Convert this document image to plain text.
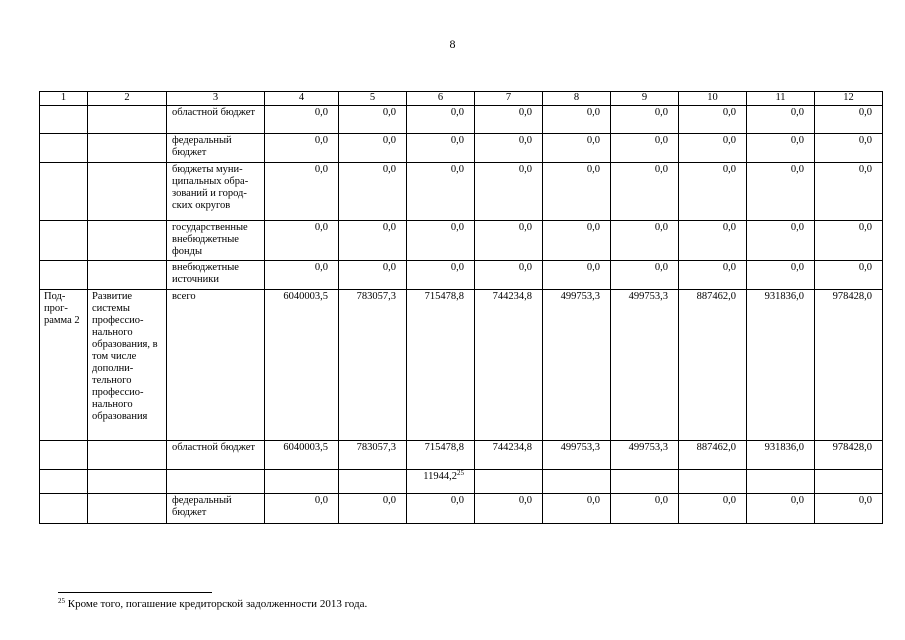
8
1	2	3	4	5	6	7	8	9	10	11	12
		областной бюджет	0,0	0,0	0,0	0,0	0,0	0,0	0,0	0,0	0,0
		федеральный бюджет	0,0	0,0	0,0	0,0	0,0	0,0	0,0	0,0	0,0
		бюджеты муни-ципальных обра-зований и город-ских округов	0,0	0,0	0,0	0,0	0,0	0,0	0,0	0,0	0,0
		государственные внебюджетные фонды	0,0	0,0	0,0	0,0	0,0	0,0	0,0	0,0	0,0
		внебюджетные источники	0,0	0,0	0,0	0,0	0,0	0,0	0,0	0,0	0,0
Под-прог-рамма 2	Развитие системы профессио-нального образования, в том числе дополни-тельного профессио-нального образования	всего	6040003,5	783057,3	715478,8	744234,8	499753,3	499753,3	887462,0	931836,0	978428,0
		областной бюджет	6040003,5	783057,3	715478,8	744234,8	499753,3	499753,3	887462,0	931836,0	978428,0
					11944,2$^{25}$						
		федеральный бюджет	0,0	0,0	0,0	0,0	0,0	0,0	0,0	0,0	0,0
$^{25}$ Кроме того, погашение кредиторской задолженности 2013 года.
